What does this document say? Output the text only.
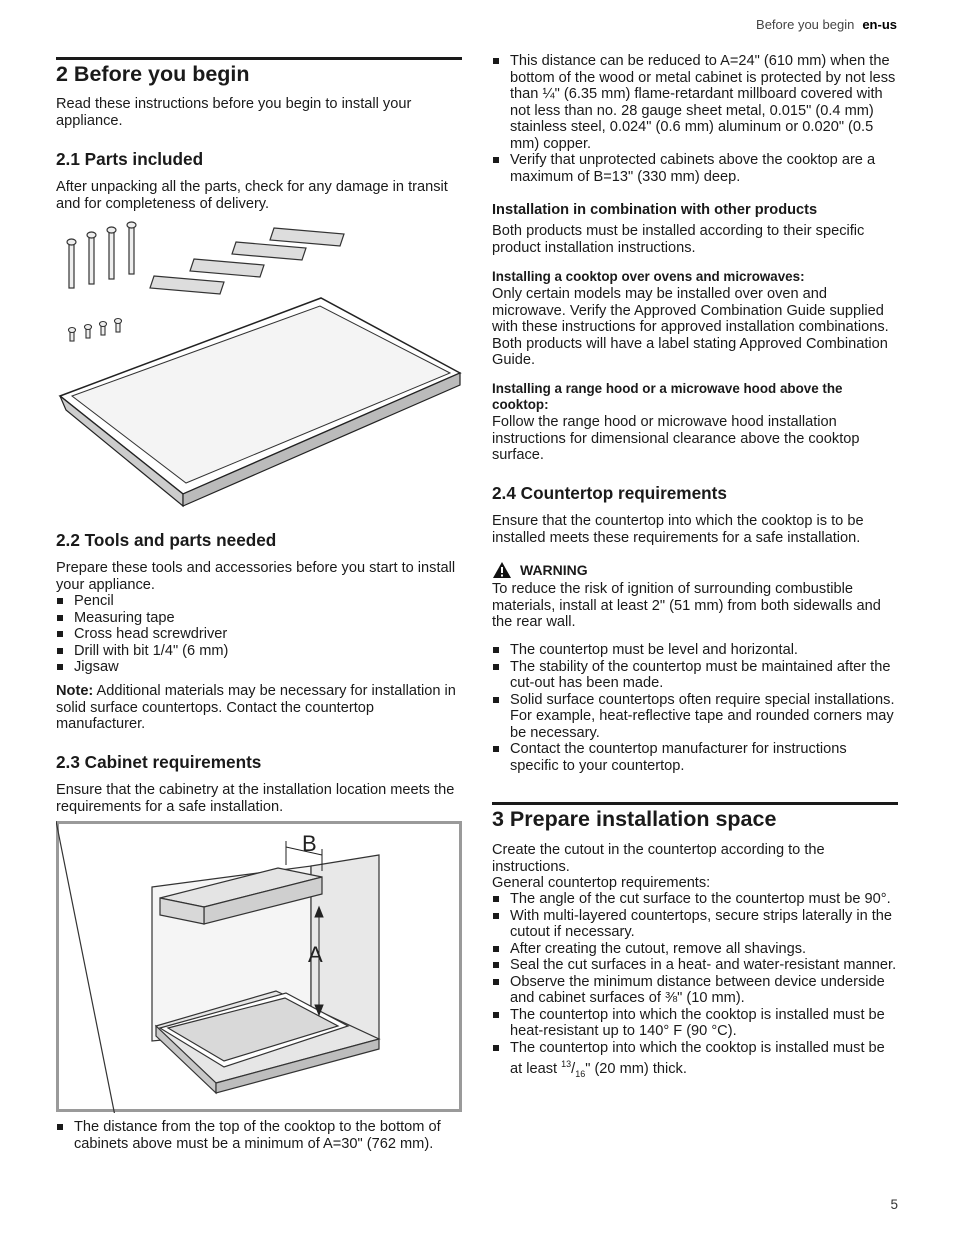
Before you begin en-us
2 Before you begin

Read these instructions before you begin to install your appliance.

2.1 Parts included

After unpacking all the parts, check for any damage in transit and for completeness of delivery.

2.2 Tools and parts needed

Prepare these tools and accessories before you start to install your appliance.

Pencil
Measuring tape
Cross head screwdriver
Drill with bit 1/4" (6 mm)
Jigsaw

Note: Additional materials may be necessary for installation in solid surface countertops. Contact the countertop manufacturer.

2.3 Cabinet requirements

Ensure that the cabinetry at the installation location meets the requirements for a safe installation.

B
A
The distance from the top of the cooktop to the bottom of cabinets above must be a minimum of A=30" (762 mm).
This distance can be reduced to A=24" (610 mm) when the bottom of the wood or metal cabinet is protected by not less than ¼" (6.35 mm) flame-retardant millboard covered with not less than no. 28 gauge sheet metal, 0.015" (0.4 mm) stainless steel, 0.024" (0.6 mm) aluminum or 0.020" (0.5 mm) copper.
Verify that unprotected cabinets above the cooktop are a maximum of B=13" (330 mm) deep.
Installation in combination with other products

Both products must be installed according to their specific product installation instructions.

Installing a cooktop over ovens and microwaves:

Only certain models may be installed over oven and microwave. Verify the Approved Combination Guide supplied with these instructions for approved installation combinations. Both products will have a label stating Approved Combination Guide.

Installing a range hood or a microwave hood above the cooktop:

Follow the range hood or microwave hood installation instructions for dimensional clearance above the cooktop surface.

2.4 Countertop requirements

Ensure that the countertop into which the cooktop is to be installed meets these requirements for a safe installation.

WARNING

To reduce the risk of ignition of surrounding combustible materials, install at least 2" (51 mm) from both sidewalls and the rear wall.

The countertop must be level and horizontal.
The stability of the countertop must be maintained after the cut-out has been made.
Solid surface countertops often require special installations. For example, heat-reflective tape and rounded corners may be necessary.
Contact the countertop manufacturer for instructions specific to your countertop.
3 Prepare installation space

Create the cutout in the countertop according to the instructions.

General countertop requirements:

The angle of the cut surface to the countertop must be 90°.
With multi-layered countertops, secure strips laterally in the cutout if necessary.
After creating the cutout, remove all shavings.
Seal the cut surfaces in a heat- and water-resistant manner.
Observe the minimum distance between device underside and cabinet surfaces of ⅜" (10 mm).
The countertop into which the cooktop is installed must be heat-resistant up to 140° F (90 °C).
The countertop into which the cooktop is installed must be at least $^{13}/_{16}$" (20 mm) thick.
5
